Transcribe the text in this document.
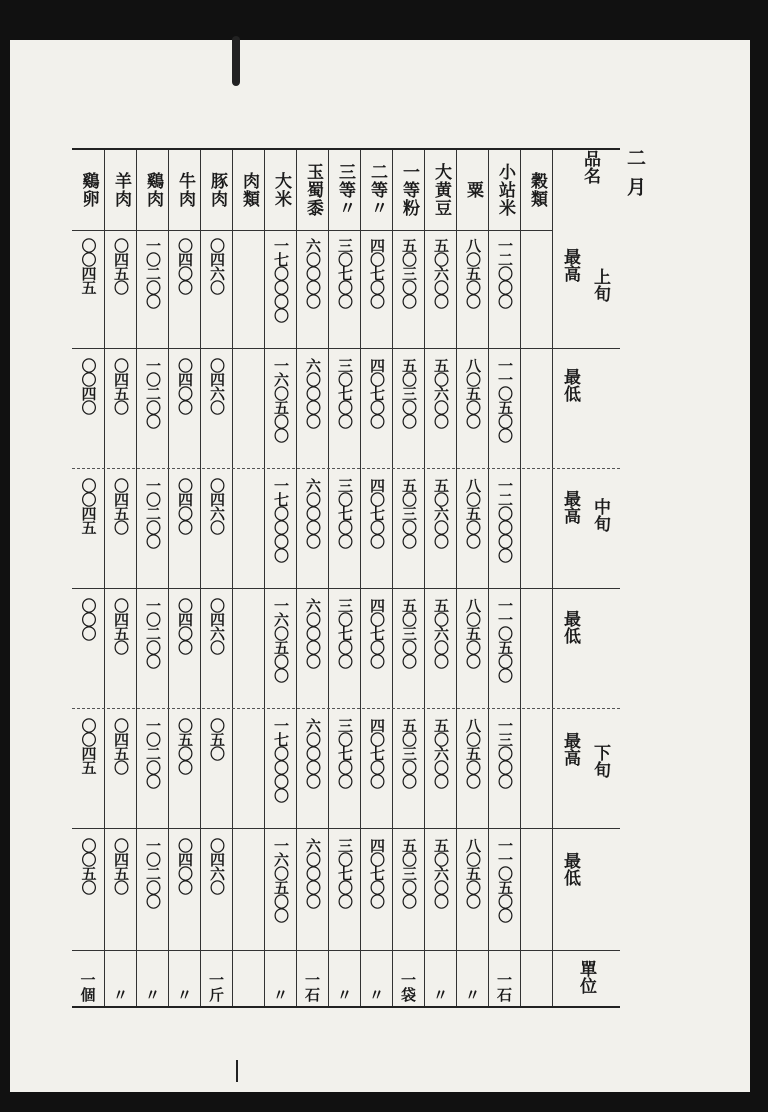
二月
穀類
小站米
一二〇〇〇
一一〇五〇〇
一二〇〇〇〇
一一〇五〇〇
一三〇〇〇
一一〇五〇〇
一石
粟
八〇五〇〇
八〇五〇〇
八〇五〇〇
八〇五〇〇
八〇五〇〇
八〇五〇〇
〃
大黄豆
五〇六〇〇
五〇六〇〇
五〇六〇〇
五〇六〇〇
五〇六〇〇
五〇六〇〇
〃
一等粉
五〇三〇〇
五〇三〇〇
五〇三〇〇
五〇三〇〇
五〇三〇〇
五〇三〇〇
一袋
二等〃
四〇七〇〇
四〇七〇〇
四〇七〇〇
四〇七〇〇
四〇七〇〇
四〇七〇〇
〃
三等〃
三〇七〇〇
三〇七〇〇
三〇七〇〇
三〇七〇〇
三〇七〇〇
三〇七〇〇
〃
玉蜀黍
六〇〇〇〇
六〇〇〇〇
六〇〇〇〇
六〇〇〇〇
六〇〇〇〇
六〇〇〇〇
一石
大米
一七〇〇〇〇
一六〇五〇〇
一七〇〇〇〇
一六〇五〇〇
一七〇〇〇〇
一六〇五〇〇
〃
肉類
豚肉
〇四六〇
〇四六〇
〇四六〇
〇四六〇
〇五〇
〇四六〇
一斤
牛肉
〇四〇〇
〇四〇〇
〇四〇〇
〇四〇〇
〇五〇〇
〇四〇〇
〃
鷄肉
一〇二〇〇
一〇二〇〇
一〇二〇〇
一〇二〇〇
一〇二〇〇
一〇二〇〇
〃
羊肉
〇四五〇
〇四五〇
〇四五〇
〇四五〇
〇四五〇
〇四五〇
〃
鷄卵
〇〇四五
〇〇四〇
〇〇四五
〇〇〇
〇〇四五
〇〇五〇
一個
品名
最高
上旬
最低
最高 中旬
最低
最高 下旬
最低
單位
